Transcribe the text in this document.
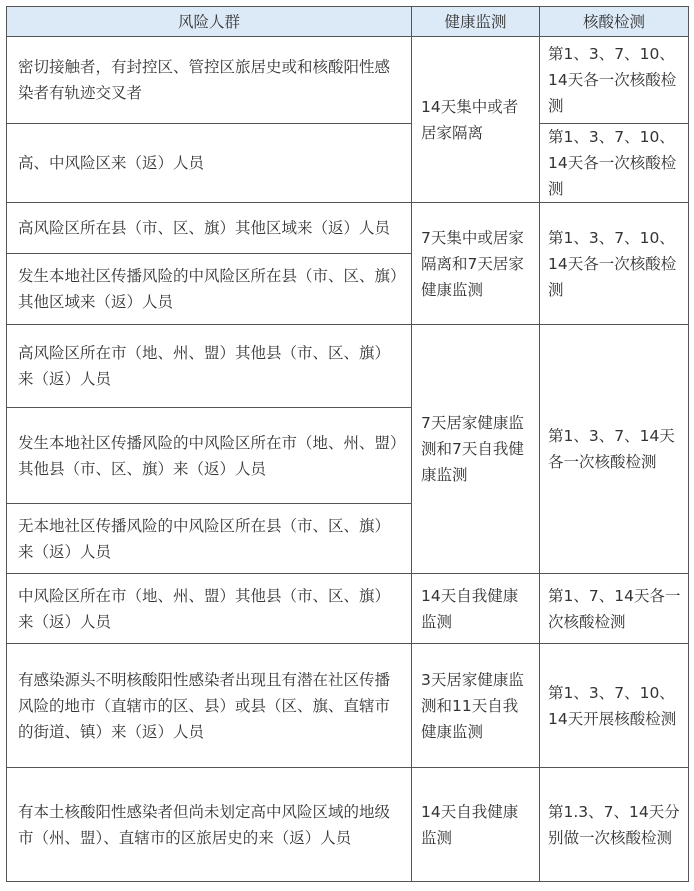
风险人群	健康监测	核酸检测
密切接触者，有封控区、管控区旅居史或和核酸阳性感染者有轨迹交叉者	14天集中或者居家隔离	第1、3、7、10、14天各一次核酸检测
高、中风险区来（返）人员		第1、3、7、10、14天各一次核酸检测
高风险区所在县（市、区、旗）其他区域来（返）人员	7天集中或居家隔离和7天居家健康监测	第1、3、7、10、14天各一次核酸检测
发生本地社区传播风险的中风险区所在县（市、区、旗）其他区域来（返）人员		
高风险区所在市（地、州、盟）其他县（市、区、旗）来（返）人员	7天居家健康监测和7天自我健康监测	第1、3、7、14天各一次核酸检测
发生本地社区传播风险的中风险区所在市（地、州、盟）其他县（市、区、旗）来（返）人员		
无本地社区传播风险的中风险区所在县（市、区、旗）来（返）人员		
中风险区所在市（地、州、盟）其他县（市、区、旗）来（返）人员	14天自我健康监测	第1、7、14天各一次核酸检测
有感染源头不明核酸阳性感染者出现且有潜在社区传播风险的地市（直辖市的区、县）或县（区、旗、直辖市的街道、镇）来（返）人员	3天居家健康监测和11天自我健康监测	第1、3、7、10、14天开展核酸检测
有本土核酸阳性感染者但尚未划定高中风险区域的地级市（州、盟）、直辖市的区旅居史的来（返）人员	14天自我健康监测	第1.3、7、14天分别做一次核酸检测
